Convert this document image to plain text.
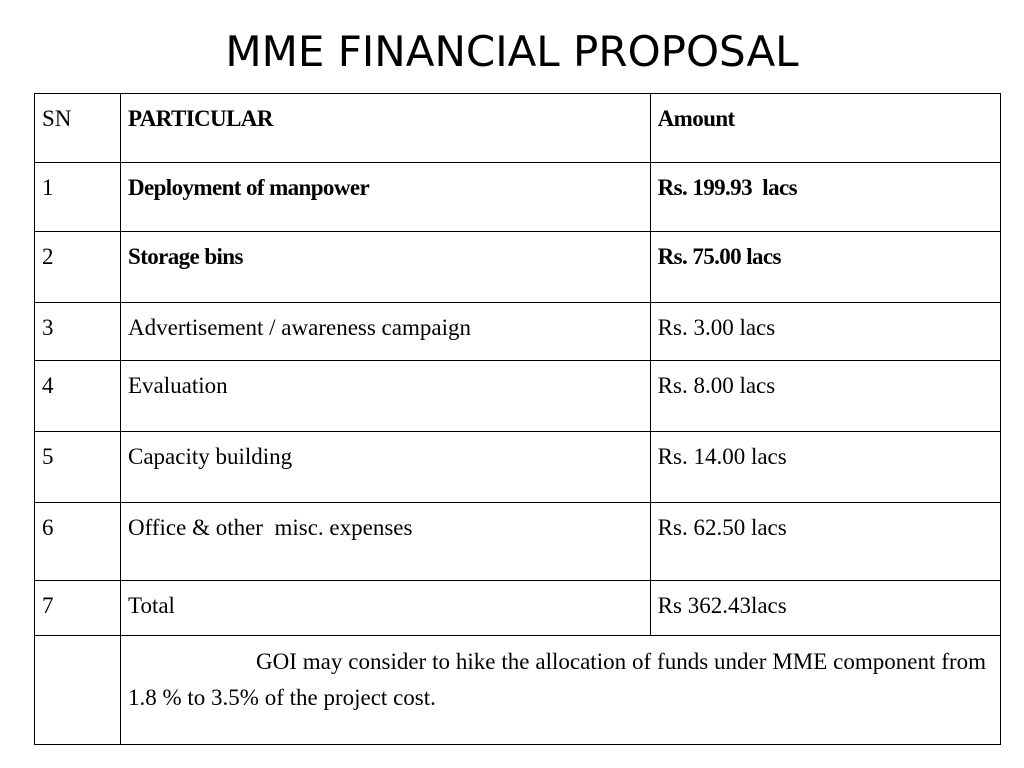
MME FINANCIAL PROPOSAL
SN	PARTICULAR	Amount
1	Deployment of manpower	Rs. 199.93  lacs
2	Storage bins	Rs. 75.00 lacs
3	Advertisement / awareness campaign	Rs. 3.00 lacs
4	Evaluation	Rs. 8.00 lacs
5	Capacity building	Rs. 14.00 lacs
6	Office & other  misc. expenses	Rs. 62.50 lacs
7	Total	Rs 362.43lacs

	GOI may consider to hike the allocation of funds under MME component from 1.8 % to 3.5% of the project cost.	
